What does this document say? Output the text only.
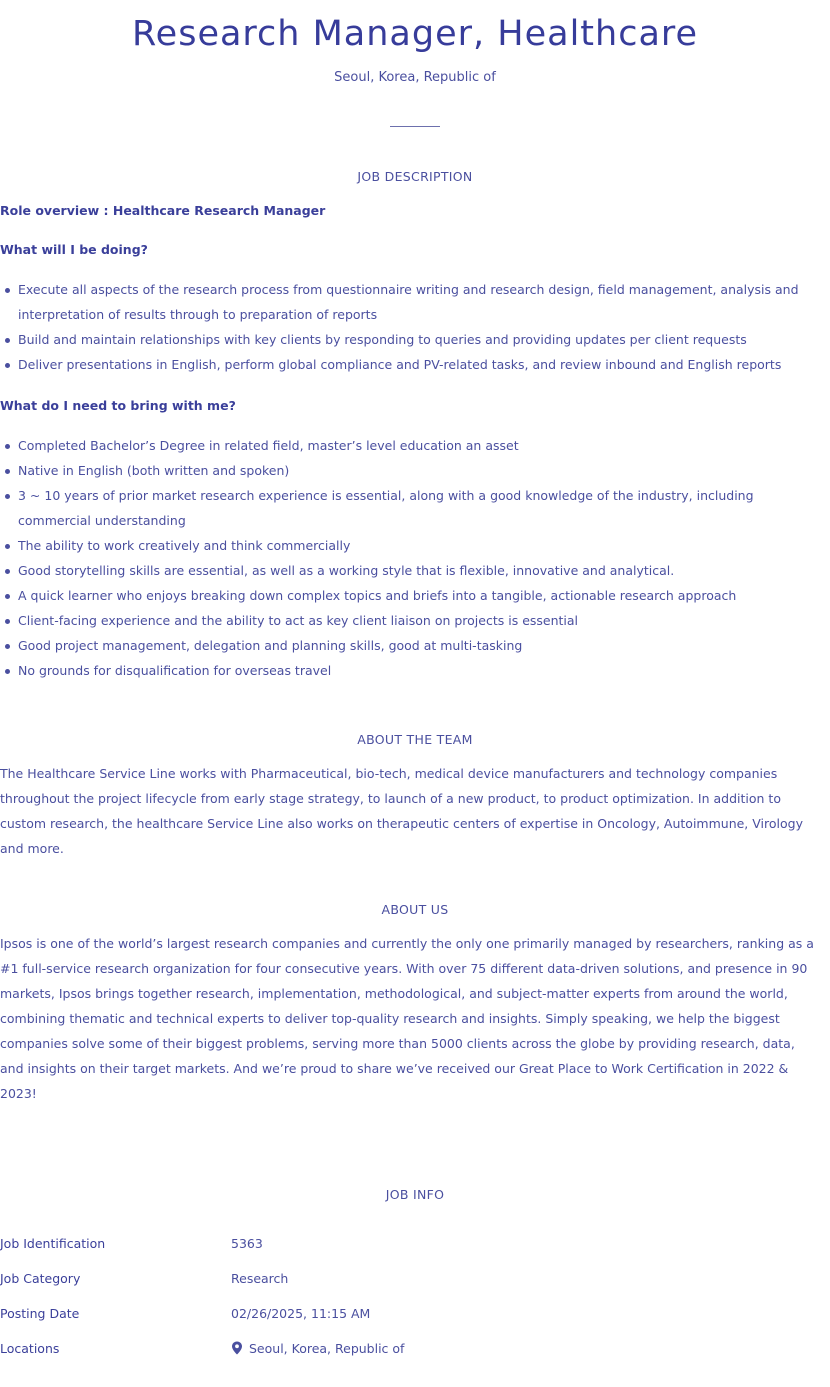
Research Manager, Healthcare
Seoul, Korea, Republic of
JOB DESCRIPTION
Role overview : Healthcare Research Manager
What will I be doing?
Execute all aspects of the research process from questionnaire writing and research design, field management, analysis and interpretation of results through to preparation of reports
Build and maintain relationships with key clients by responding to queries and providing updates per client requests
Deliver presentations in English, perform global compliance and PV-related tasks, and review inbound and English reports
What do I need to bring with me?
Completed Bachelor’s Degree in related field, master’s level education an asset
Native in English (both written and spoken)
3 ~ 10 years of prior market research experience is essential, along with a good knowledge of the industry, including commercial understanding
The ability to work creatively and think commercially
Good storytelling skills are essential, as well as a working style that is flexible, innovative and analytical.
A quick learner who enjoys breaking down complex topics and briefs into a tangible, actionable research approach
Client-facing experience and the ability to act as key client liaison on projects is essential
Good project management, delegation and planning skills, good at multi-tasking
No grounds for disqualification for overseas travel
ABOUT THE TEAM

The Healthcare Service Line works with Pharmaceutical, bio-tech, medical device manufacturers and technology companies throughout the project lifecycle from early stage strategy, to launch of a new product, to product optimization. In addition to custom research, the healthcare Service Line also works on therapeutic centers of expertise in Oncology, Autoimmune, Virology and more.

ABOUT US

Ipsos is one of the world’s largest research companies and currently the only one primarily managed by researchers, ranking as a #1 full-service research organization for four consecutive years. With over 75 different data-driven solutions, and presence in 90 markets, Ipsos brings together research, implementation, methodological, and subject-matter experts from around the world, combining thematic and technical experts to deliver top-quality research and insights. Simply speaking, we help the biggest companies solve some of their biggest problems, serving more than 5000 clients across the globe by providing research, data, and insights on their target markets. And we’re proud to share we’ve received our Great Place to Work Certification in 2022 & 2023!

JOB INFO
Job Identification	5363
Job Category	Research
Posting Date	02/26/2025, 11:15 AM
Locations	Seoul, Korea, Republic of
